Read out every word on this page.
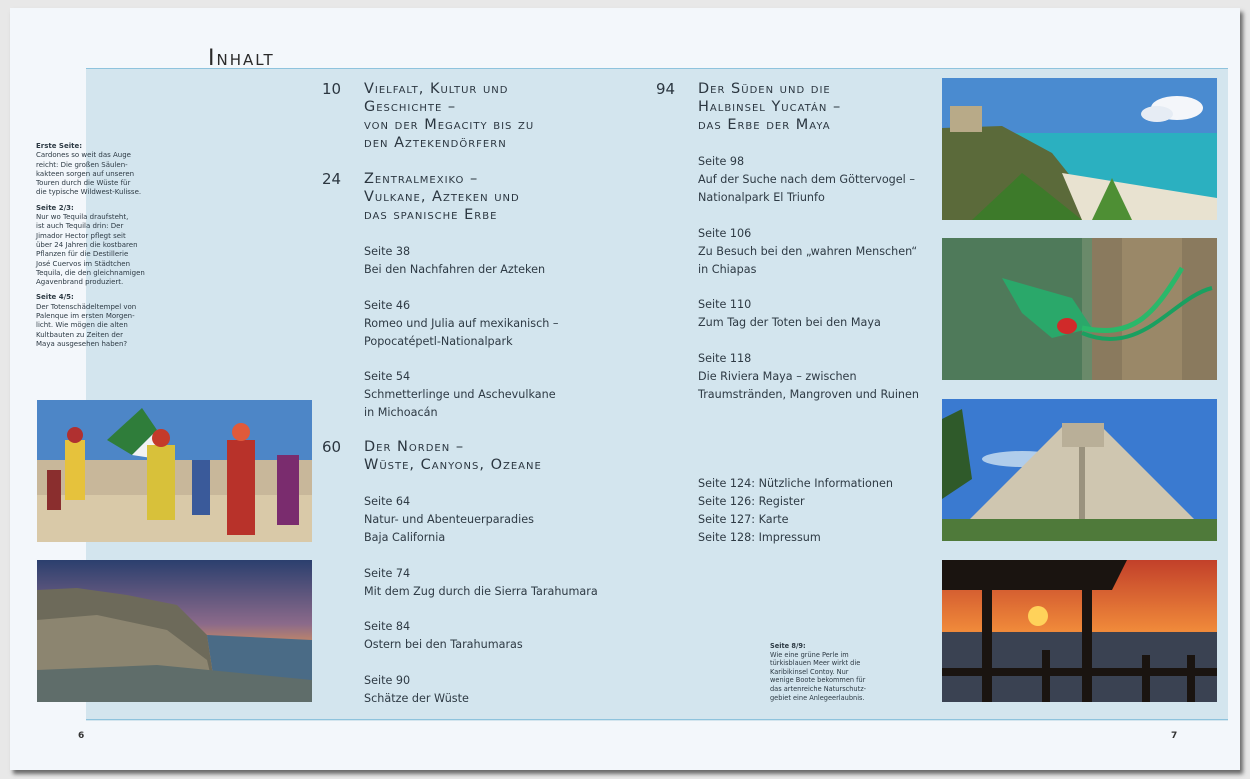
Inhalt

Erste Seite:
Cardones so weit das Auge
reicht: Die großen Säulen-
kakteen sorgen auf unseren
Touren durch die Wüste für
die typische Wildwest-Kulisse.

Seite 2/3:
Nur wo Tequila draufsteht,
ist auch Tequila drin: Der
Jimador Hector pflegt seit
über 24 Jahren die kostbaren
Pflanzen für die Destillerie
José Cuervos im Städtchen
Tequila, die den gleichnamigen
Agavenbrand produziert.

Seite 4/5:
Der Totenschädeltempel von
Palenque im ersten Morgen-
licht. Wie mögen die alten
Kultbauten zu Zeiten der
Maya ausgesehen haben?

10 Vielfalt, Kultur und
Geschichte –
von der Megacity bis zu
den Aztekendörfern
24 Zentralmexiko –
Vulkane, Azteken und
das spanische Erbe
60 Der Norden –
Wüste, Canyons, Ozeane
94 Der Süden und die
Halbinsel Yucatán –
das Erbe der Maya
Seite 38
Bei den Nachfahren der Azteken
Seite 46
Romeo und Julia auf mexikanisch –
Popocatépetl-Nationalpark
Seite 54
Schmetterlinge und Aschevulkane
in Michoacán
Seite 64
Natur- und Abenteuerparadies
Baja California
Seite 74
Mit dem Zug durch die Sierra Tarahumara
Seite 84
Ostern bei den Tarahumaras
Seite 90
Schätze der Wüste
Seite 98
Auf der Suche nach dem Göttervogel –
Nationalpark El Triunfo
Seite 106
Zu Besuch bei den „wahren Menschen“
in Chiapas
Seite 110
Zum Tag der Toten bei den Maya
Seite 118
Die Riviera Maya – zwischen
Traumstränden, Mangroven und Ruinen
Seite 124: Nützliche Informationen
Seite 126: Register
Seite 127: Karte
Seite 128: Impressum
Seite 8/9:
Wie eine grüne Perle im
türkisblauen Meer wirkt die
Karibikinsel Contoy. Nur
wenige Boote bekommen für
das artenreiche Naturschutz-
gebiet eine Anlegeerlaubnis.
6	7
